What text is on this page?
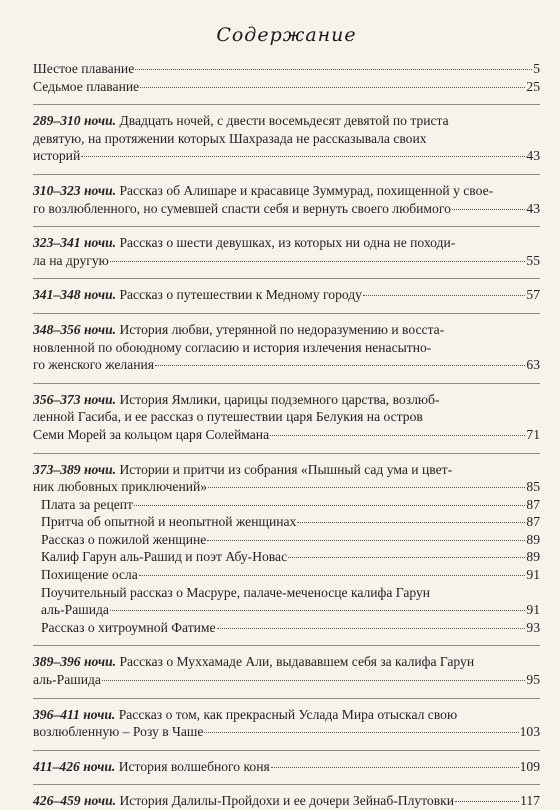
Содержание
Шестое плавание	5
Седьмое плавание	25
289–310 ночи. Двадцать ночей, с двести восемьдесят девятой по триста
девятую, на протяжении которых Шахразада не рассказывала своих
историй	43
310–323 ночи. Рассказ об Алишаре и красавице Зуммурад, похищенной у свое-
го возлюбленного, но сумевшей спасти себя и вернуть своего любимого	43
323–341 ночи. Рассказ о шести девушках, из которых ни одна не походи-
ла на другую	55
341–348 ночи. Рассказ о путешествии к Медному городу	57
348–356 ночи. История любви, утерянной по недоразумению и восста-
новленной по обоюдному согласию и история излечения ненасытно-
го женского желания	63
356–373 ночи. История Ямлики, царицы подземного царства, возлюб-
ленной Гасиба, и ее рассказ о путешествии царя Белукия на остров
Семи Морей за кольцом царя Солеймана	71
373–389 ночи. Истории и притчи из собрания «Пышный сад ума и цвет-
ник любовных приключений»	85
Плата за рецепт	87
Притча об опытной и неопытной женщинах	87
Рассказ о пожилой женщине	89
Калиф Гарун аль-Рашид и поэт Абу-Новас	89
Похищение осла	91
Поучительный рассказ о Масруре, палаче-меченосце калифа Гарун
аль-Рашида	91
Рассказ о хитроумной Фатиме	93
389–396 ночи. Рассказ о Муххамаде Али, выдававшем себя за калифа Гарун
аль-Рашида	95
396–411 ночи. Рассказ о том, как прекрасный Услада Мира отыскал свою
возлюбленную – Розу в Чаше	103
411–426 ночи. История волшебного коня	109
426–459 ночи. История Далилы-Пройдохи и ее дочери Зейнаб-Плутовки	117
